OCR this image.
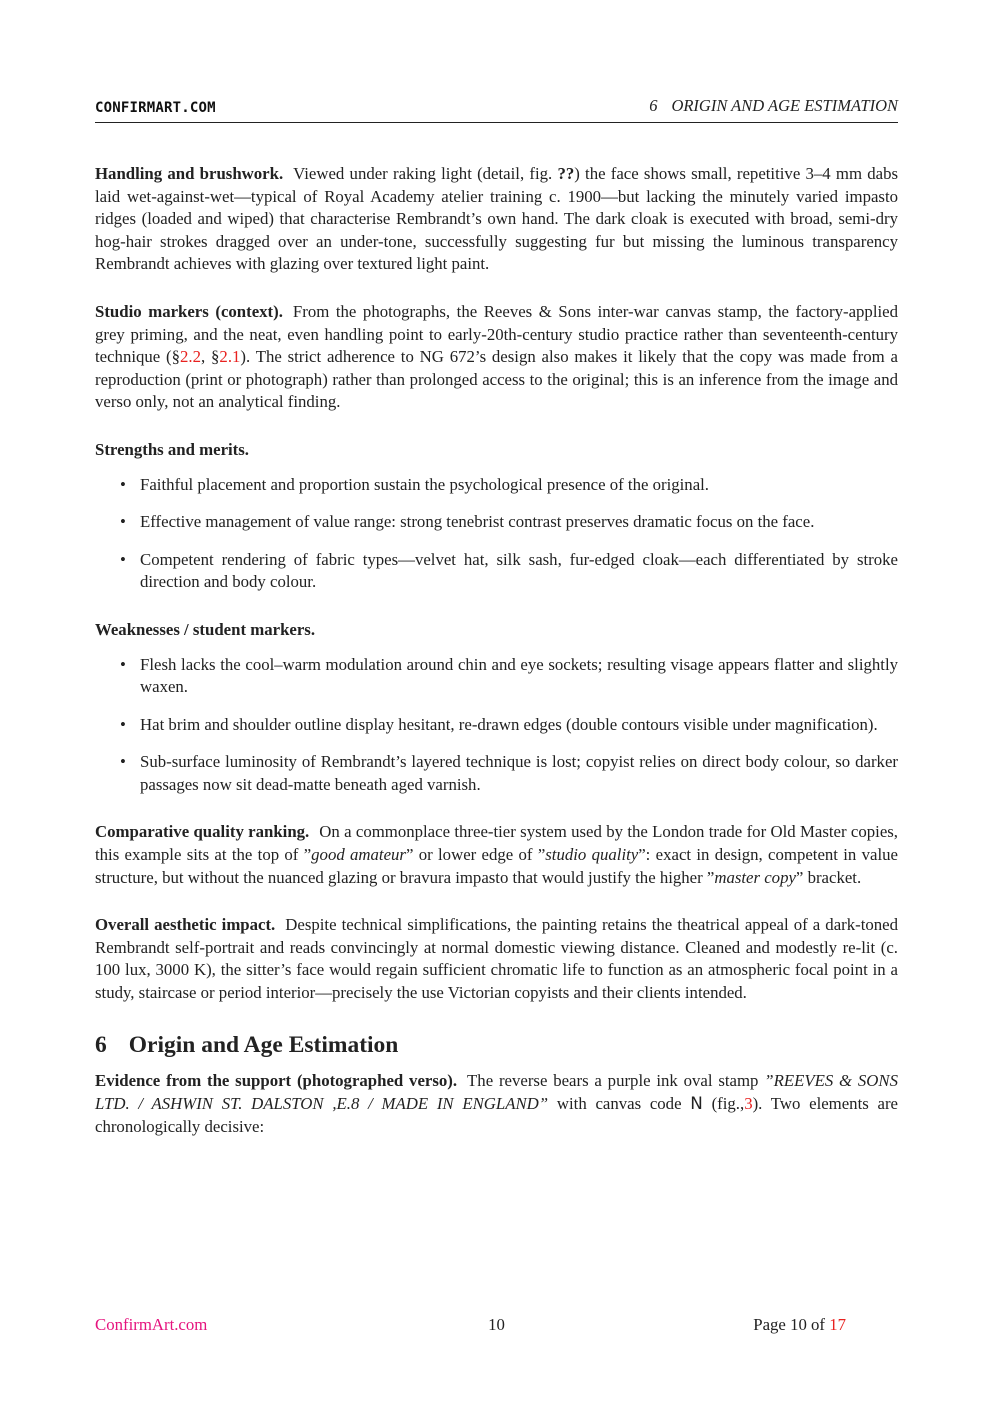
CONFIRMART.COM	6 ORIGIN AND AGE ESTIMATION

Handling and brushwork. Viewed under raking light (detail, fig. ??) the face shows small, repetitive 3–4 mm dabs laid wet-against-wet—typical of Royal Academy atelier training c. 1900—but lacking the minutely varied impasto ridges (loaded and wiped) that characterise Rembrandt’s own hand. The dark cloak is executed with broad, semi-dry hog-hair strokes dragged over an under-tone, successfully suggesting fur but missing the luminous transparency Rembrandt achieves with glazing over textured light paint.

Studio markers (context). From the photographs, the Reeves & Sons inter-war canvas stamp, the factory-applied grey priming, and the neat, even handling point to early-20th-century studio practice rather than seventeenth-century technique (§2.2, §2.1). The strict adherence to NG 672’s design also makes it likely that the copy was made from a reproduction (print or photograph) rather than prolonged access to the original; this is an inference from the image and verso only, not an analytical finding.

Strengths and merits.
• Faithful placement and proportion sustain the psychological presence of the original.
• Effective management of value range: strong tenebrist contrast preserves dramatic focus on the face.
• Competent rendering of fabric types—velvet hat, silk sash, fur-edged cloak—each differentiated by stroke direction and body colour.
Weaknesses / student markers.
• Flesh lacks the cool–warm modulation around chin and eye sockets; resulting visage appears flatter and slightly waxen.
• Hat brim and shoulder outline display hesitant, re-drawn edges (double contours visible under magnification).
• Sub-surface luminosity of Rembrandt’s layered technique is lost; copyist relies on direct body colour, so darker passages now sit dead-matte beneath aged varnish.

Comparative quality ranking. On a commonplace three-tier system used by the London trade for Old Master copies, this example sits at the top of ”good amateur” or lower edge of ”studio quality”: exact in design, competent in value structure, but without the nuanced glazing or bravura impasto that would justify the higher ”master copy” bracket.

Overall aesthetic impact. Despite technical simplifications, the painting retains the theatrical appeal of a dark-toned Rembrandt self-portrait and reads convincingly at normal domestic viewing distance. Cleaned and modestly re-lit (c. 100 lux, 3000 K), the sitter’s face would regain sufficient chromatic life to function as an atmospheric focal point in a study, staircase or period interior—precisely the use Victorian copyists and their clients intended.

6 Origin and Age Estimation

Evidence from the support (photographed verso). The reverse bears a purple ink oval stamp ”REEVES & SONS LTD. / ASHWIN ST. DALSTON ,E.8 / MADE IN ENGLAND” with canvas code N (fig.,3). Two elements are chronologically decisive:

ConfirmArt.com	10	Page 10 of 17
